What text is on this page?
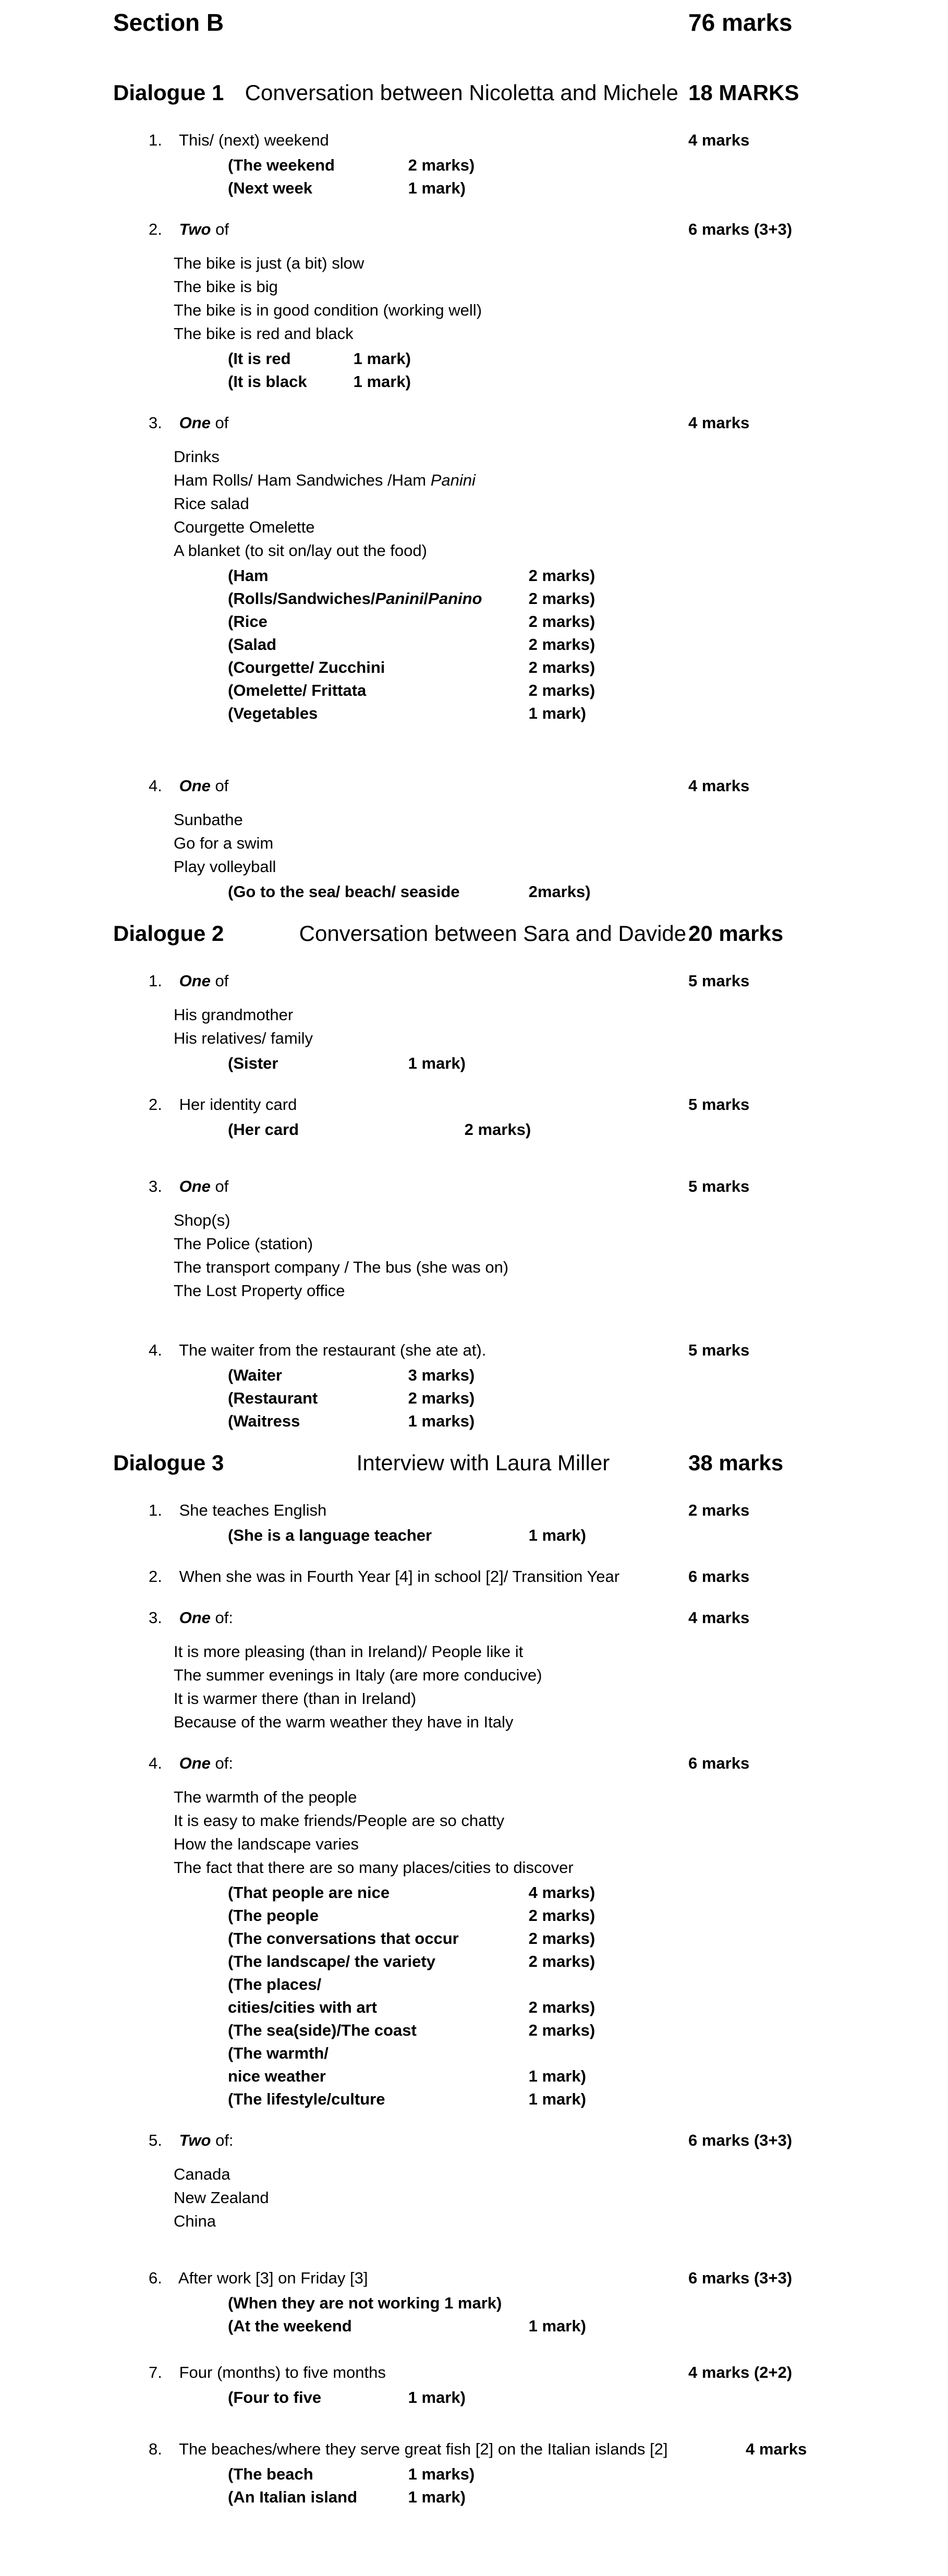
Section B	76 marks
Dialogue 1 Conversation between Nicoletta and Michele 18 MARKS
1. This/ (next) weekend	4 marks
(The weekend	2 marks)
(Next week	1 mark)
2. Two of	6 marks (3+3)
The bike is just (a bit) slow
The bike is big
The bike is in good condition (working well)
The bike is red and black
(It is red	1 mark)
(It is black	1 mark)
3. One of	4 marks
Drinks
Ham Rolls/ Ham Sandwiches /Ham Panini
Rice salad
Courgette Omelette
A blanket (to sit on/lay out the food)
(Ham	2 marks)
(Rolls/Sandwiches/Panini/Panino	2 marks)
(Rice	2 marks)
(Salad	2 marks)
(Courgette/ Zucchini	2 marks)
(Omelette/ Frittata	2 marks)
(Vegetables	1 mark)
4. One of	4 marks
Sunbathe
Go for a swim
Play volleyball
(Go to the sea/ beach/ seaside	2marks)
Dialogue 2	Conversation between Sara and Davide 20 marks
1. One of	5 marks
His grandmother
His relatives/ family
(Sister	1 mark)
2. Her identity card	5 marks
(Her card	2 marks)
3. One of	5 marks
Shop(s)
The Police (station)
The transport company / The bus (she was on)
The Lost Property office
4. The waiter from the restaurant (she ate at).	5 marks
(Waiter	3 marks)
(Restaurant	2 marks)
(Waitress	1 marks)
Dialogue 3	Interview with Laura Miller	38 marks
1. She teaches English	2 marks
(She is a language teacher	1 mark)
2. When she was in Fourth Year [4] in school [2]/ Transition Year	6 marks
3. One of:	4 marks
It is more pleasing (than in Ireland)/ People like it
The summer evenings in Italy (are more conducive)
It is warmer there (than in Ireland)
Because of the warm weather they have in Italy
4. One of:	6 marks
The warmth of the people
It is easy to make friends/People are so chatty
How the landscape varies
The fact that there are so many places/cities to discover
(That people are nice	4 marks)
(The people	2 marks)
(The conversations that occur	2 marks)
(The landscape/ the variety	2 marks)
(The places/
cities/cities with art	2 marks)
(The sea(side)/The coast	2 marks)
(The warmth/
nice weather	1 mark)
(The lifestyle/culture	1 mark)
5. Two of:	6 marks (3+3)
Canada
New Zealand
China
6. After work [3] on Friday [3]	6 marks (3+3)
(When they are not working 1 mark)
(At the weekend	1 mark)
7. Four (months) to five months	4 marks (2+2)
(Four to five	1 mark)
8. The beaches/where they serve great fish [2] on the Italian islands [2]	4 marks
(The beach	1 marks)
(An Italian island	1 mark)
